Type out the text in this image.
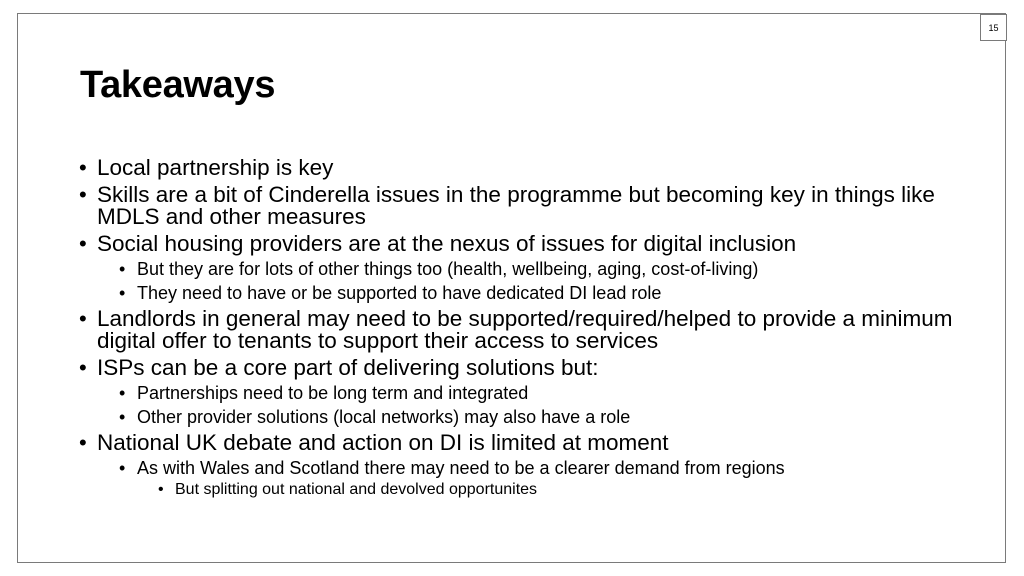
15
Takeaways
• Local partnership is key
• Skills are a bit of Cinderella issues in the programme but becoming key in things like MDLS and other measures
• Social housing providers are at the nexus of issues for digital inclusion
• But they are for lots of other things too (health, wellbeing, aging, cost-of-living)
• They need to have or be supported to have dedicated DI lead role
• Landlords in general may need to be supported/required/helped to provide a minimum digital offer to tenants to support their access to services
• ISPs can be a core part of delivering solutions but:
• Partnerships need to be long term and integrated
• Other provider solutions (local networks) may also have a role
• National UK debate and action on DI is limited at moment
• As with Wales and Scotland there may need to be a clearer demand from regions
• But splitting out national and devolved opportunites
